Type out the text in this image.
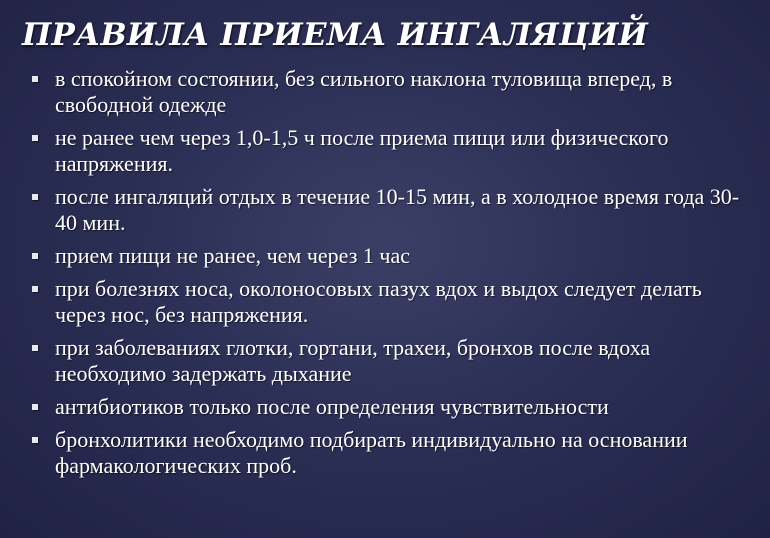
ПРАВИЛА ПРИЕМА ИНГАЛЯЦИЙ
в спокойном состоянии, без сильного наклона туловища вперед, в свободной одежде
не ранее чем через 1,0-1,5 ч после приема пищи или физического напряжения.
после ингаляций отдых в течение 10-15 мин, а в холодное время года 30-40 мин.
прием пищи не ранее, чем через 1 час
при болезнях носа, околоносовых пазух вдох и выдох следует делать через нос, без напряжения.
при заболеваниях глотки, гортани, трахеи, бронхов после вдоха необходимо задержать дыхание
антибиотиков только после определения чувствительности
бронхолитики необходимо подбирать индивидуально на основании фармакологических проб.
